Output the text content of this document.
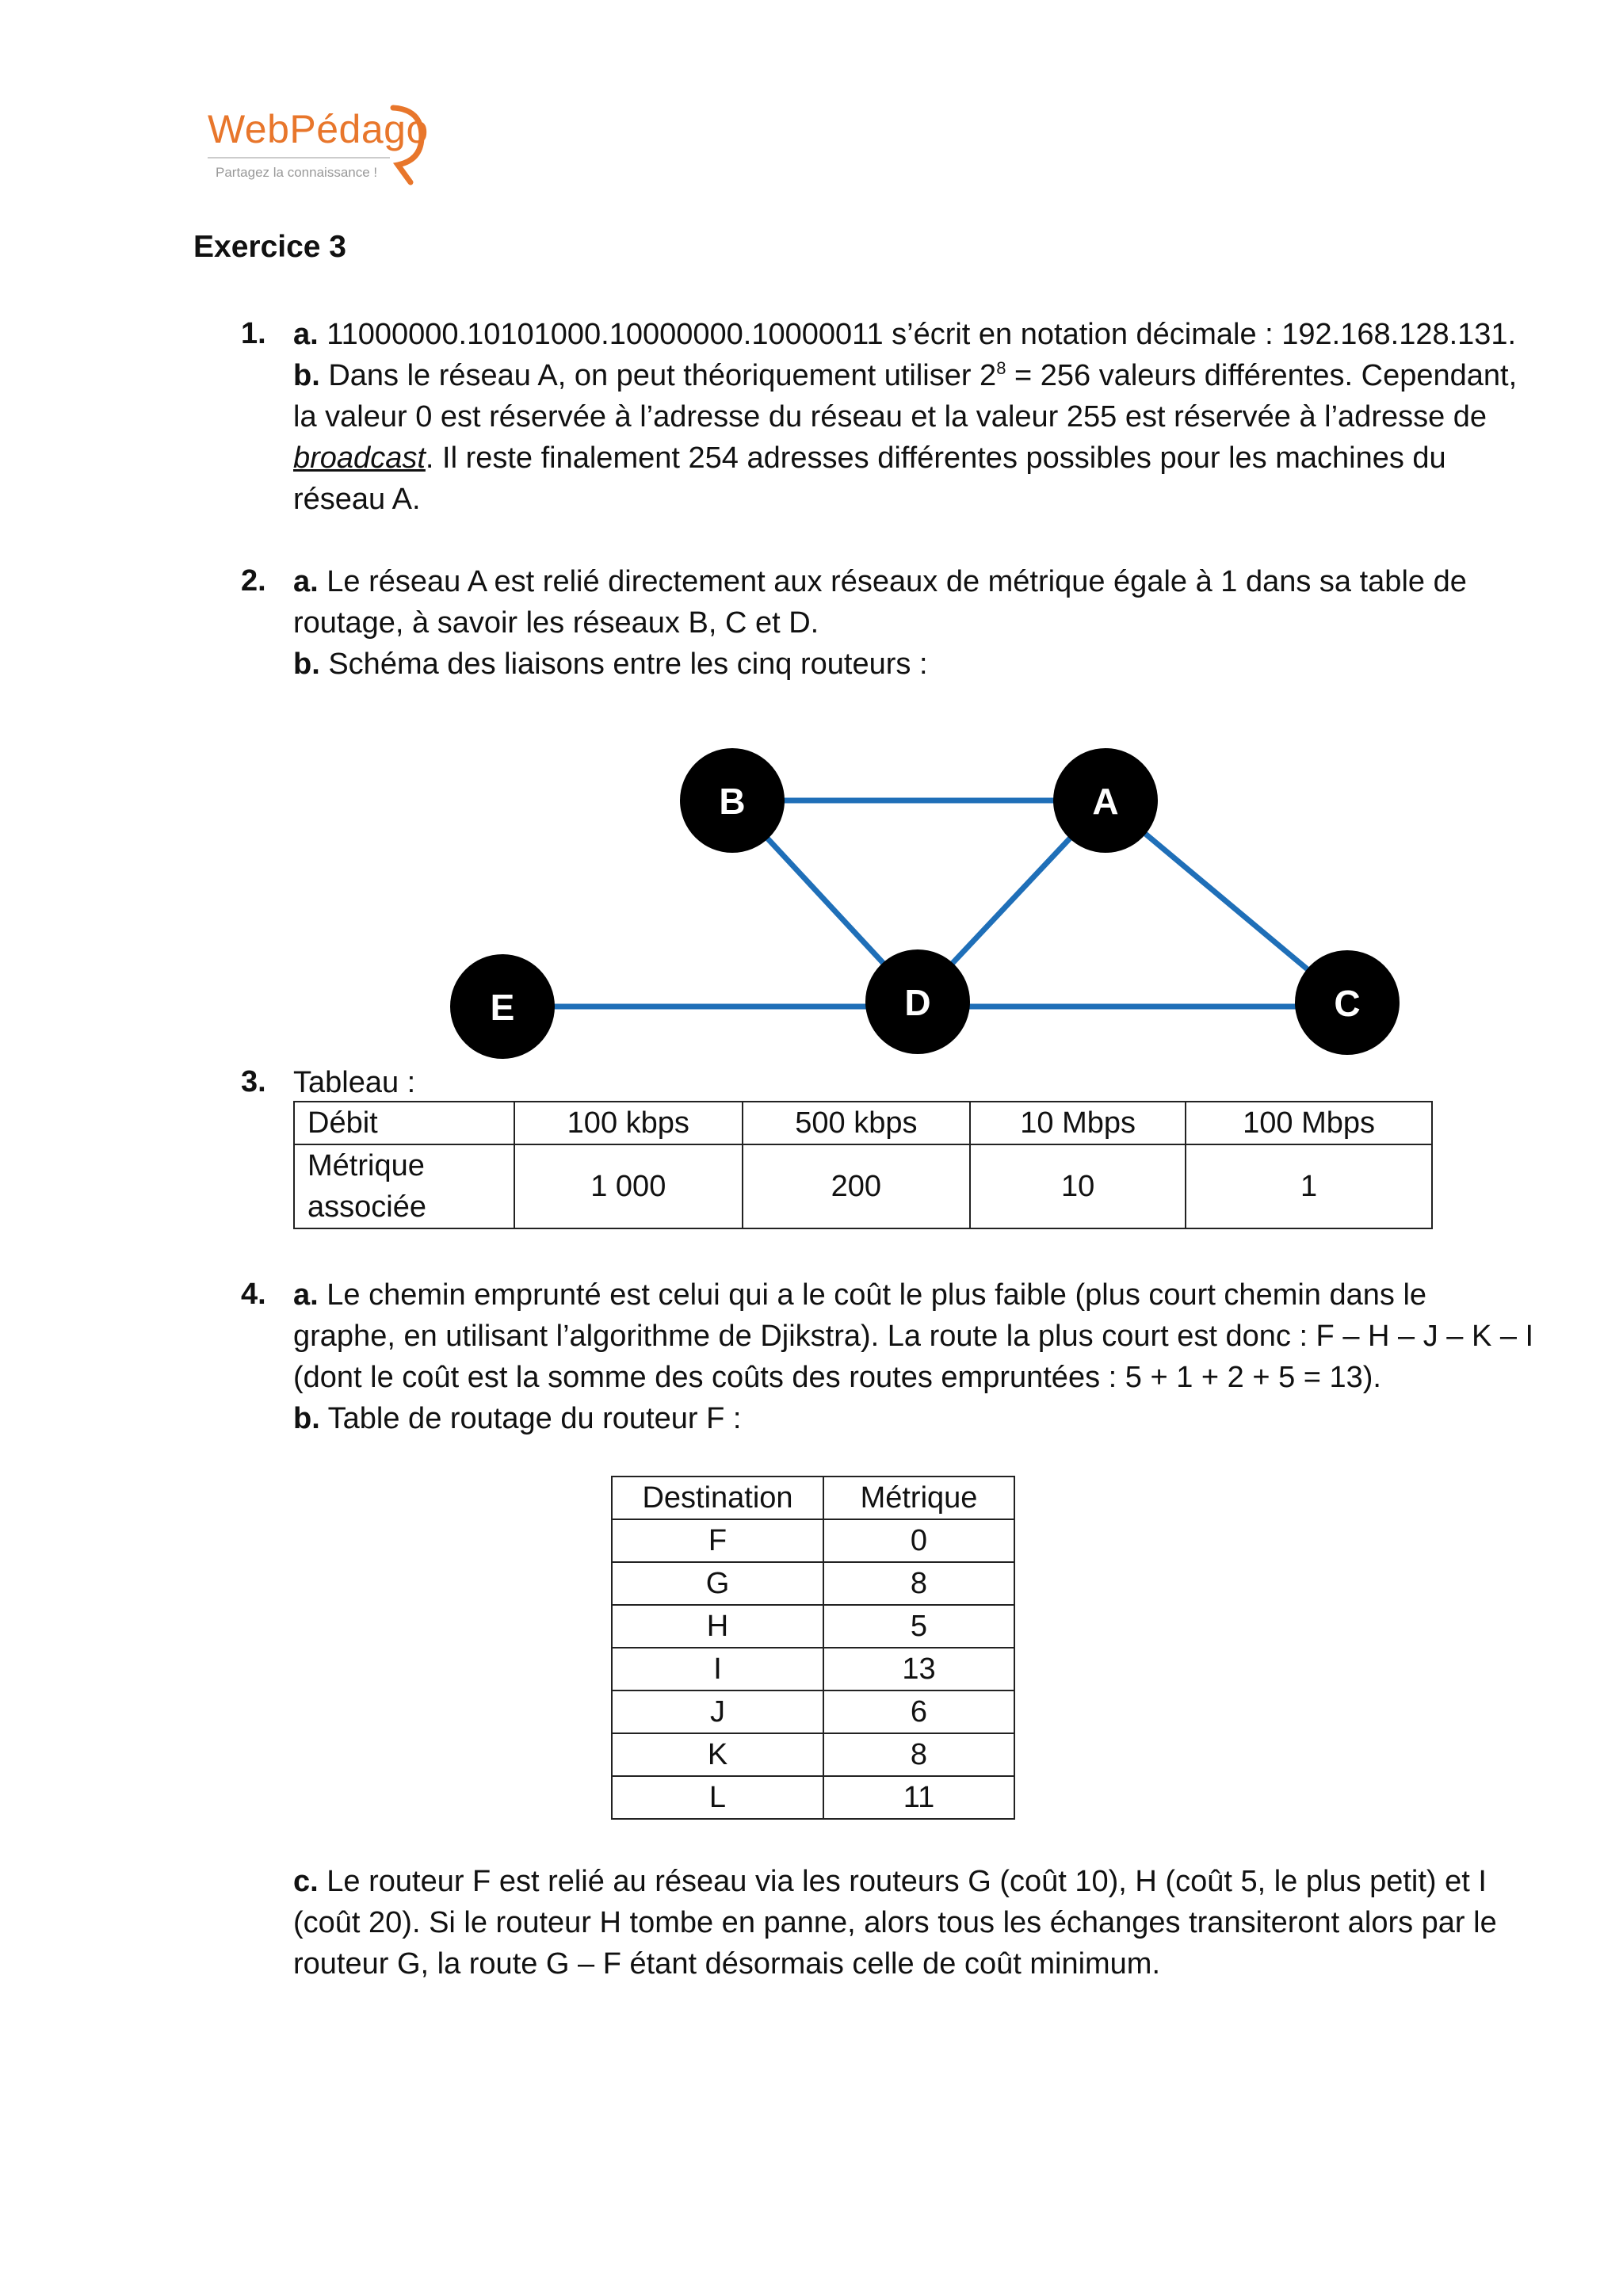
WebPédago
Partagez la connaissance !
Exercice 3
1. a. 11000000.10101000.10000000.10000011 s’écrit en notation décimale : 192.168.128.131.
b. Dans le réseau A, on peut théoriquement utiliser $2^8 = 256$ valeurs différentes. Cependant,
la valeur 0 est réservée à l’adresse du réseau et la valeur 255 est réservée à l’adresse de
broadcast. Il reste finalement 254 adresses différentes possibles pour les machines du
réseau A.
2. a. Le réseau A est relié directement aux réseaux de métrique égale à 1 dans sa table de
routage, à savoir les réseaux B, C et D.
b. Schéma des liaisons entre les cinq routeurs :
B	A
E	D	C
3. Tableau :
Débit	100 kbps	500 kbps	10 Mbps	100 Mbps
Métrique
associée	1 000	200	10	1
4. a. Le chemin emprunté est celui qui a le coût le plus faible (plus court chemin dans le
graphe, en utilisant l’algorithme de Djikstra). La route la plus court est donc : F – H – J – K – I
(dont le coût est la somme des coûts des routes empruntées : 5 + 1 + 2 + 5 = 13).
b. Table de routage du routeur F :
Destination	Métrique
F	0
G	8
H	5
I	13
J	6
K	8
L	11
c. Le routeur F est relié au réseau via les routeurs G (coût 10), H (coût 5, le plus petit) et I
(coût 20). Si le routeur H tombe en panne, alors tous les échanges transiteront alors par le
routeur G, la route G – F étant désormais celle de coût minimum.
